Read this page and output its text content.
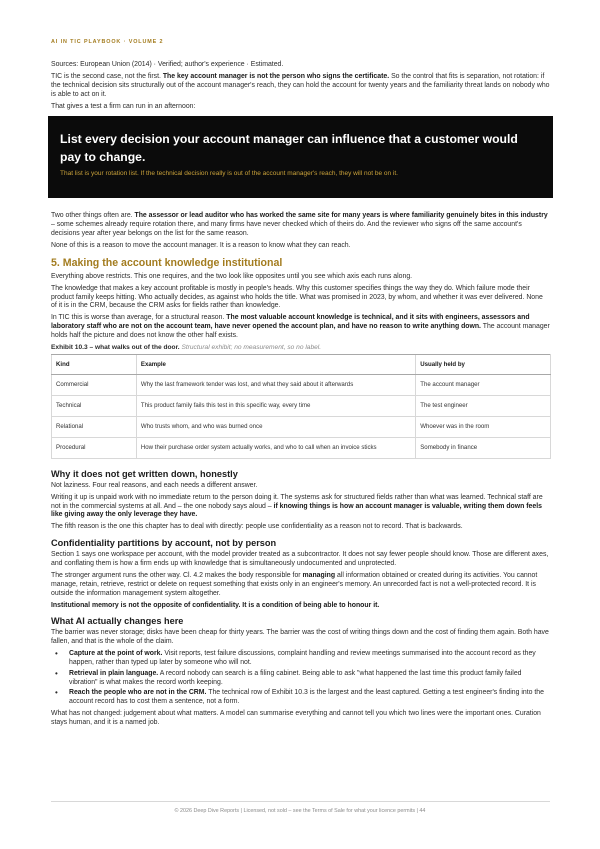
AI IN TIC PLAYBOOK · VOLUME 2

Sources: European Union (2014) · Verified; author's experience · Estimated.

TIC is the second case, not the first. The key account manager is not the person who signs the certificate. So the control that fits is separation, not rotation: if the technical decision sits structurally out of the account manager's reach, they can hold the account for twenty years and the familiarity threat lands on nobody who is able to act on it.

That gives a test a firm can run in an afternoon:

List every decision your account manager can influence that a customer would pay to change.
That list is your rotation list. If the technical decision really is out of the account manager's reach, they will not be on it.

Two other things often are. The assessor or lead auditor who has worked the same site for many years is where familiarity genuinely bites in this industry – some schemes already require rotation there, and many firms have never checked which of theirs do. And the reviewer who signs off the same account's decisions year after year belongs on the list for the same reason.

None of this is a reason to move the account manager. It is a reason to know what they can reach.

5. Making the account knowledge institutional

Everything above restricts. This one requires, and the two look like opposites until you see which axis each runs along.

The knowledge that makes a key account profitable is mostly in people's heads. Why this customer specifies things the way they do. Which failure mode their product family keeps hitting. Who actually decides, as against who holds the title. What was promised in 2023, by whom, and whether it was ever delivered. None of it is in the CRM, because the CRM asks for fields rather than knowledge.

In TIC this is worse than average, for a structural reason. The most valuable account knowledge is technical, and it sits with engineers, assessors and laboratory staff who are not on the account team, have never opened the account plan, and have no reason to write anything down. The account manager holds half the picture and does not know the other half exists.

Exhibit 10.3 – what walks out of the door. Structural exhibit; no measurement, so no label.
Kind	Example	Usually held by
Commercial	Why the last framework tender was lost, and what they said about it afterwards	The account manager
Technical	This product family fails this test in this specific way, every time	The test engineer
Relational	Who trusts whom, and who was burned once	Whoever was in the room
Procedural	How their purchase order system actually works, and who to call when an invoice sticks	Somebody in finance
Why it does not get written down, honestly

Not laziness. Four real reasons, and each needs a different answer.

Writing it up is unpaid work with no immediate return to the person doing it. The systems ask for structured fields rather than what was learned. Technical staff are not in the commercial systems at all. And – the one nobody says aloud – if knowing things is how an account manager is valuable, writing them down feels like giving away the only leverage they have.

The fifth reason is the one this chapter has to deal with directly: people use confidentiality as a reason not to record. That is backwards.

Confidentiality partitions by account, not by person

Section 1 says one workspace per account, with the model provider treated as a subcontractor. It does not say fewer people should know. Those are different axes, and conflating them is how a firm ends up with knowledge that is simultaneously undocumented and unprotected.

The stronger argument runs the other way. Cl. 4.2 makes the body responsible for managing all information obtained or created during its activities. You cannot manage, retain, retrieve, restrict or delete on request something that exists only in an engineer's memory. An unrecorded fact is not a well-protected record. It is outside the information management system altogether.

Institutional memory is not the opposite of confidentiality. It is a condition of being able to honour it.

What AI actually changes here

The barrier was never storage; disks have been cheap for thirty years. The barrier was the cost of writing things down and the cost of finding them again. Both have fallen, and that is the whole of the claim.

• Capture at the point of work. Visit reports, test failure discussions, complaint handling and review meetings summarised into the account record as they happen, rather than typed up later by someone who will not.
• Retrieval in plain language. A record nobody can search is a filing cabinet. Being able to ask "what happened the last time this product family failed vibration" is what makes the record worth keeping.
• Reach the people who are not in the CRM. The technical row of Exhibit 10.3 is the largest and the least captured. Getting a test engineer's finding into the account record has to cost them a sentence, not a form.

What has not changed: judgement about what matters. A model can summarise everything and cannot tell you which two lines were the important ones. Curation stays human, and it is a named job.

© 2026 Deep Dive Reports | Licensed, not sold – see the Terms of Sale for what your licence permits | 44
